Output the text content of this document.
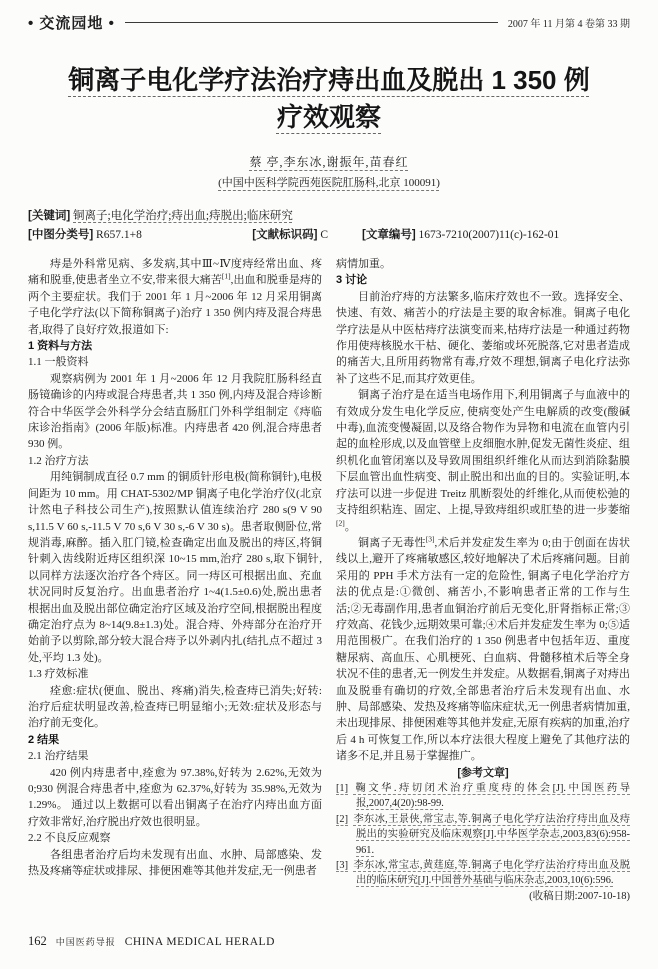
• 交流园地 •	2007 年 11 月第 4 卷第 33 期
铜离子电化学疗法治疗痔出血及脱出 1 350 例疗效观察
蔡 亭,李东冰,谢振年,苗春红
(中国中医科学院西苑医院肛肠科,北京 100091)
[关键词] 铜离子;电化学治疗;痔出血;痔脱出;临床研究
[中图分类号] R657.1+8	[文献标识码] C	[文章编号] 1673-7210(2007)11(c)-162-01
痔是外科常见病、多发病,其中Ⅲ~Ⅳ度痔经常出血、疼痛和脱垂,使患者坐立不安,带来很大痛苦[1],出血和脱垂是痔的两个主要症状。我们于 2001 年 1 月~2006 年 12 月采用铜离子电化学疗法(以下简称铜离子)治疗 1 350 例内痔及混合痔患者,取得了良好疗效,报道如下:
1 资料与方法
1.1 一般资料
观察病例为 2001 年 1 月~2006 年 12 月我院肛肠科经直肠镜确诊的内痔或混合痔患者,共 1 350 例,内痔及混合痔诊断符合中华医学会外科学分会结直肠肛门外科学组制定《痔临床诊治指南》(2006 年版)标准。内痔患者 420 例,混合痔患者 930 例。
1.2 治疗方法
用纯铜制成直径 0.7 mm 的铜质针形电极(简称铜针),电极间距为 10 mm。用 CHAT-5302/MP 铜离子电化学治疗仪(北京计然电子科技公司生产),按照默认值连续治疗 280 s(9 V 90 s,11.5 V 60 s,-11.5 V 70 s,6 V 30 s,-6 V 30 s)。患者取侧卧位,常规消毒,麻醉。插入肛门镜,检查确定出血及脱出的痔区,将铜针刺入齿线附近痔区组织深 10~15 mm,治疗 280 s,取下铜针,以同样方法逐次治疗各个痔区。同一痔区可根据出血、充血状况同时反复治疗。出血患者治疗 1~4(1.5±0.6)处,脱出患者根据出血及脱出部位确定治疗区域及治疗空间,根据脱出程度确定治疗点为 8~14(9.8±1.3)处。混合痔、外痔部分在治疗开始前予以剪除,部分较大混合痔予以外剥内扎(结扎点不超过 3 处,平均 1.3 处)。
1.3 疗效标准
痊愈:症状(便血、脱出、疼痛)消失,检查痔已消失;好转:治疗后症状明显改善,检查痔已明显缩小;无效:症状及形态与治疗前无变化。
2 结果
2.1 治疗结果
420 例内痔患者中,痊愈为 97.38%,好转为 2.62%,无效为 0;930 例混合痔患者中,痊愈为 62.37%,好转为 35.98%,无效为 1.29%。 通过以上数据可以看出铜离子在治疗内痔出血方面疗效非常好,治疗脱出疗效也很明显。
2.2 不良反应观察
各组患者治疗后均未发现有出血、水肿、局部感染、发热及疼痛等症状或排尿、排便困难等其他并发症,无一例患者
病情加重。
3 讨论
目前治疗痔的方法繁多,临床疗效也不一致。选择安全、快速、有效、痛苦小的疗法是主要的取舍标准。铜离子电化学疗法是从中医枯痔疗法演变而来,枯痔疗法是一种通过药物作用使痔核脱水干枯、硬化、萎缩或坏死脱落,它对患者造成的痛苦大,且所用药物常有毒,疗效不理想,铜离子电化疗法弥补了这些不足,而其疗效更佳。
铜离子治疗是在适当电场作用下,利用铜离子与血液中的有效成分发生电化学反应, 使病变处产生电解质的改变(酸碱中毒),血流变慢凝固,以及络合物作为异物和电流在血管内引起的血栓形成,以及血管壁上皮细胞水肿,促发无菌性炎症、组织机化血管闭塞以及导致周围组织纤维化从而达到消除黏膜下层血管出血性病变、制止脱出和出血的目的。实验证明,本疗法可以进一步促进 Treitz 肌断裂处的纤维化,从而使松弛的支持组织粘连、固定、上提,导致痔组织或肛垫的进一步萎缩[2]。
铜离子无毒性[3],术后并发症发生率为 0;由于创面在齿状线以上,避开了疼痛敏感区,较好地解决了术后疼痛问题。目前采用的 PPH 手术方法有一定的危险性, 铜离子电化学治疗方法的优点是:①微创、痛苦小,不影响患者正常的工作与生活;②无毒副作用,患者血铜治疗前后无变化,肝肾指标正常;③疗效高、花钱少,远期效果可靠;④术后并发症发生率为 0;⑤适用范围极广。在我们治疗的 1 350 例患者中包括年迈、重度糖尿病、高血压、心肌梗死、白血病、骨髓移植术后等全身状况不佳的患者,无一例发生并发症。从数据看,铜离子对痔出血及脱垂有确切的疗效,全部患者治疗后未发现有出血、水肿、局部感染、发热及疼痛等临床症状,无一例患者病情加重,未出现排尿、排便困难等其他并发症,无原有疾病的加重,治疗后 4 h 可恢复工作,所以本疗法很大程度上避免了其他疗法的诸多不足,并且易于掌握推广。
[参考文章]
[1] 鞠文华.痔切闭术治疗重度痔的体会[J].中国医药导报,2007,4(20):98-99.
[2] 李东冰,王景侠,常宝志,等.铜离子电化学疗法治疗痔出血及痔脱出的实验研究及临床观察[J].中华医学杂志,2003,83(6):958-961.
[3] 李东冰,常宝志,黄莛庭,等.铜离子电化学疗法治疗痔出血及脱出的临床研究[J].中国普外基础与临床杂志,2003,10(6):596.
(收稿日期:2007-10-18)
162 中国医药导报 CHINA MEDICAL HERALD
